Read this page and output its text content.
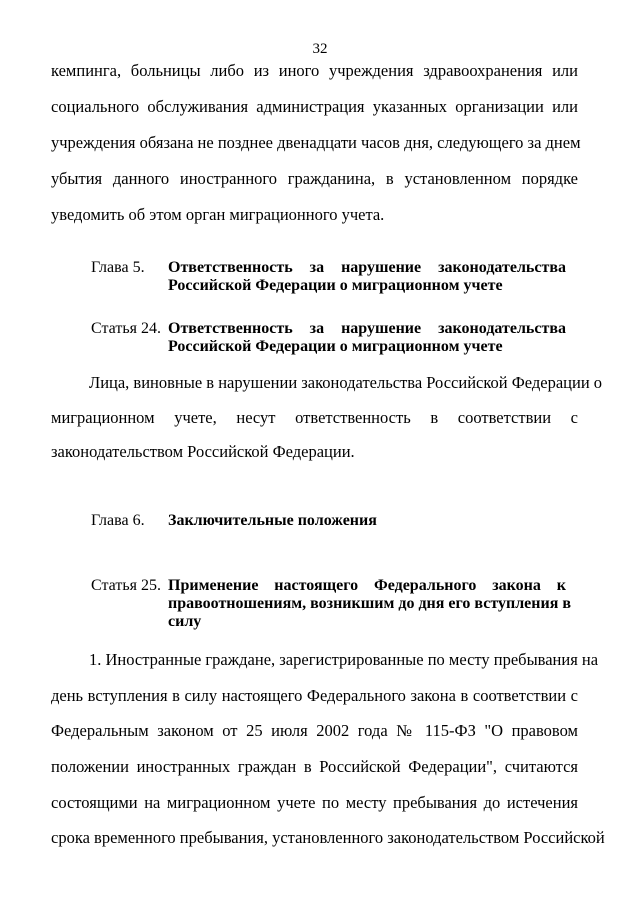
32
кемпинга, больницы либо из иного учреждения здравоохранения или
социального обслуживания администрация указанных организации или
учреждения обязана не позднее двенадцати часов дня, следующего за днем
убытия данного иностранного гражданина, в установленном порядке
уведомить об этом орган миграционного учета.
Глава 5. Ответственность за нарушение законодательства
Российской Федерации о миграционном учете
Статья 24. Ответственность за нарушение законодательства
Российской Федерации о миграционном учете
Лица, виновные в нарушении законодательства Российской Федерации о
миграционном учете, несут ответственность в соответствии с
законодательством Российской Федерации.
Глава 6. Заключительные положения
Статья 25. Применение настоящего Федерального закона к
правоотношениям, возникшим до дня его вступления в
силу
1. Иностранные граждане, зарегистрированные по месту пребывания на
день вступления в силу настоящего Федерального закона в соответствии с
Федеральным законом от 25 июля 2002 года № 115-ФЗ "О правовом
положении иностранных граждан в Российской Федерации", считаются
состоящими на миграционном учете по месту пребывания до истечения
срока временного пребывания, установленного законодательством Российской
